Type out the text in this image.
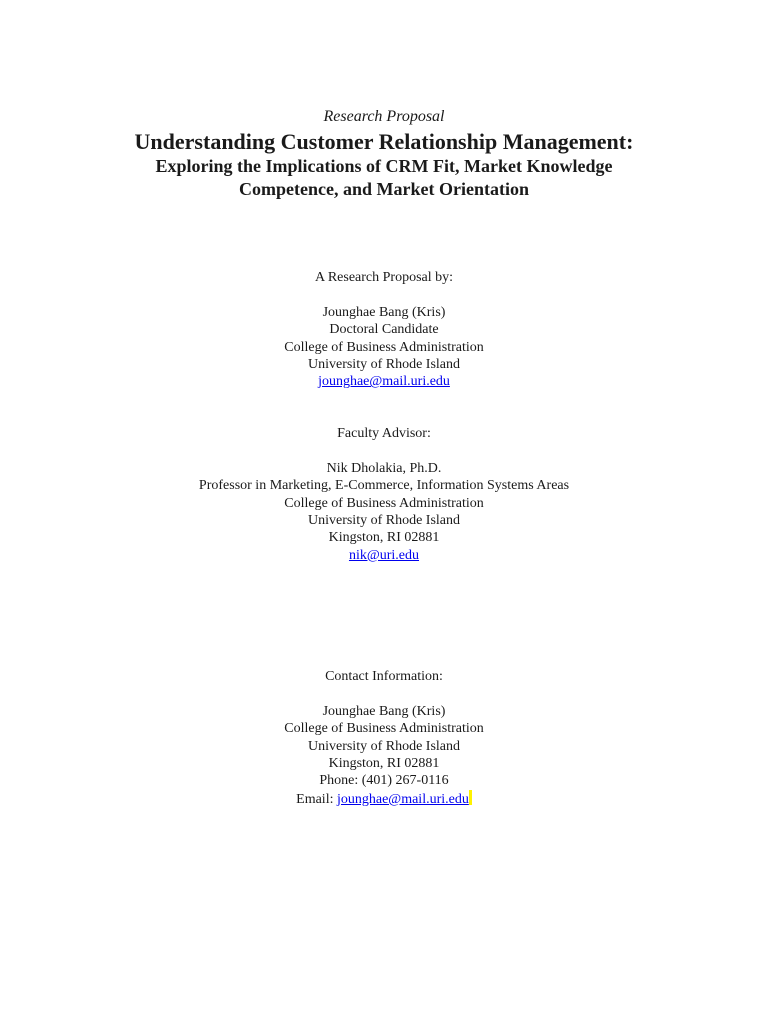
Research Proposal
Understanding Customer Relationship Management:
Exploring the Implications of CRM Fit, Market Knowledge
Competence, and Market Orientation
A Research Proposal by:
Jounghae Bang (Kris)
Doctoral Candidate
College of Business Administration
University of Rhode Island
jounghae@mail.uri.edu
Faculty Advisor:
Nik Dholakia, Ph.D.
Professor in Marketing, E-Commerce, Information Systems Areas
College of Business Administration
University of Rhode Island
Kingston, RI 02881
nik@uri.edu
Contact Information:
Jounghae Bang (Kris)
College of Business Administration
University of Rhode Island
Kingston, RI 02881
Phone: (401) 267-0116
Email: jounghae@mail.uri.edu
